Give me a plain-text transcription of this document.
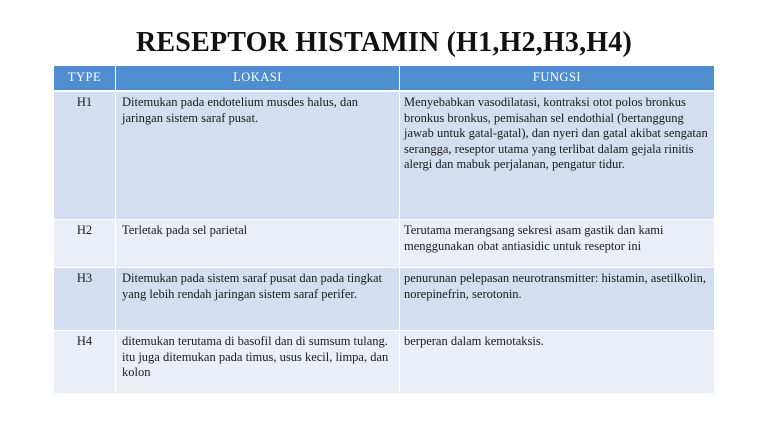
RESEPTOR HISTAMIN (H1,H2,H3,H4)
TYPE	LOKASI	FUNGSI
H1	Ditemukan pada endotelium musdes halus, dan jaringan sistem saraf pusat.	Menyebabkan vasodilatasi, kontraksi otot polos bronkus bronkus bronkus, pemisahan sel endothial (bertanggung jawab untuk gatal-gatal), dan nyeri dan gatal akibat sengatan serangga, reseptor utama yang terlibat dalam gejala rinitis alergi dan mabuk perjalanan, pengatur tidur.
H2	Terletak pada sel parietal	Terutama merangsang sekresi asam gastik dan kami menggunakan obat antiasidic untuk reseptor ini
H3	Ditemukan pada sistem saraf pusat dan pada tingkat yang lebih rendah jaringan sistem saraf perifer.	penurunan pelepasan neurotransmitter: histamin, asetilkolin, norepinefrin, serotonin.
H4	ditemukan terutama di basofil dan di sumsum tulang. itu juga ditemukan pada timus, usus kecil, limpa, dan kolon	berperan dalam kemotaksis.
